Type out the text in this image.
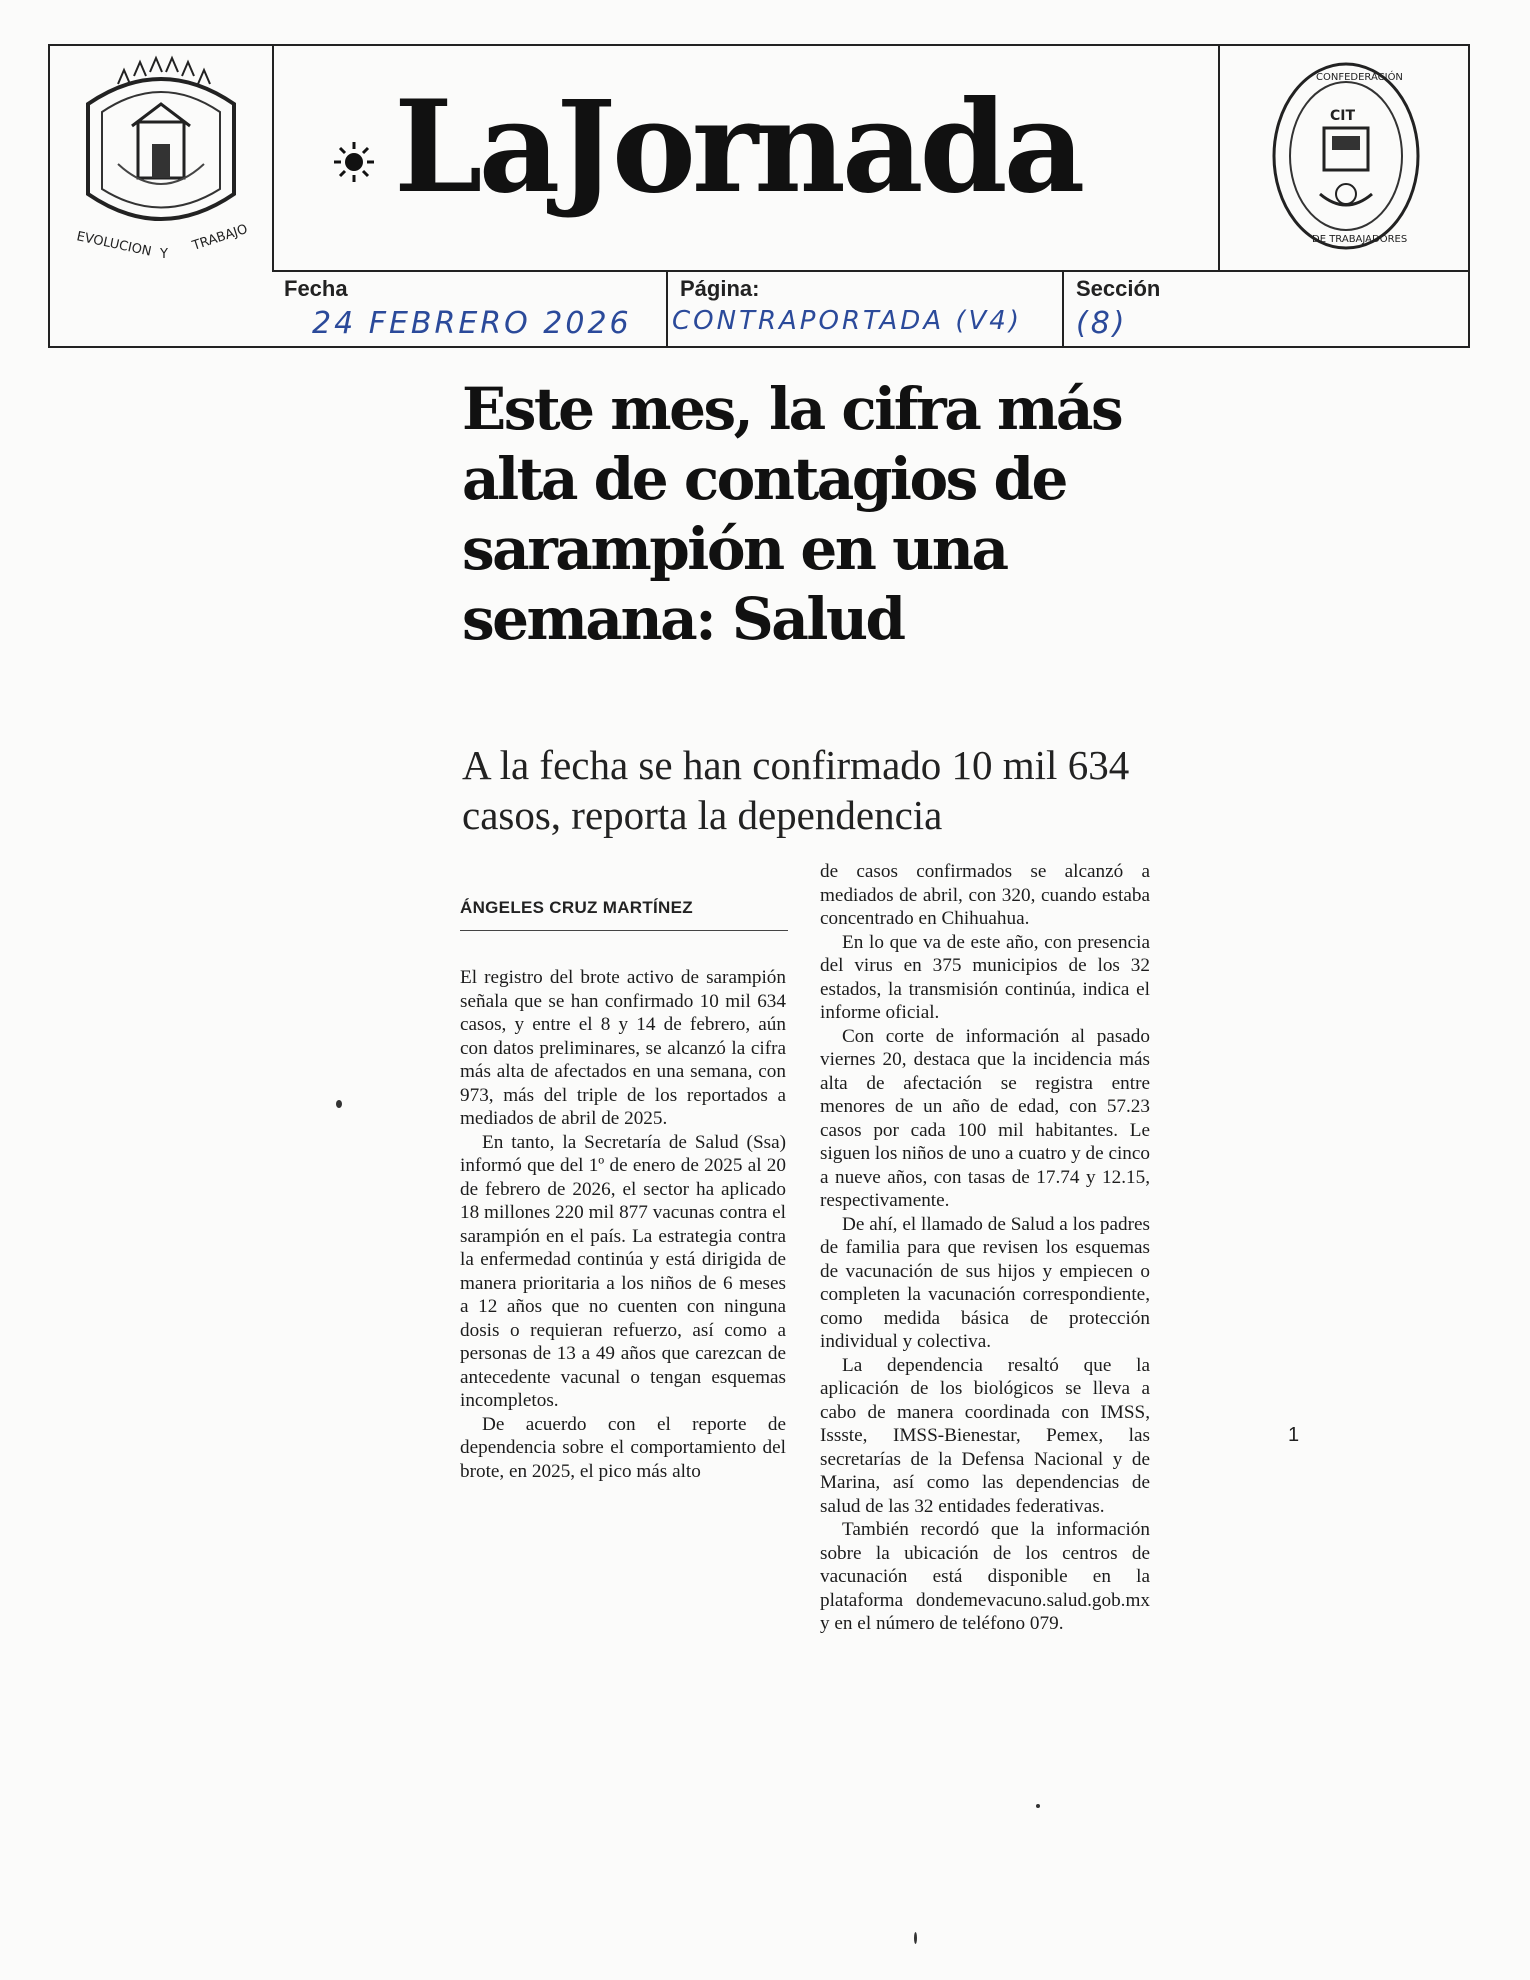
EVOLUCION Y
TRABAJO
LaJornada	CIT
CONFEDERACIÓN
DE TRABAJADORES
Fecha
24 FEBRERO 2026
Página:
CONTRAPORTADA (V4)
Sección
(8)
Este mes, la cifra más alta de contagios de sarampión en una semana: Salud
A la fecha se han confirmado 10 mil 634 casos, reporta la dependencia
ÁNGELES CRUZ MARTÍNEZ

El registro del brote activo de sarampión señala que se han confirmado 10 mil 634 casos, y entre el 8 y 14 de febrero, aún con datos preliminares, se alcanzó la cifra más alta de afectados en una semana, con 973, más del triple de los reportados a mediados de abril de 2025.

En tanto, la Secretaría de Salud (Ssa) informó que del 1º de enero de 2025 al 20 de febrero de 2026, el sector ha aplicado 18 millones 220 mil 877 vacunas contra el sarampión en el país. La estrategia contra la enfermedad continúa y está dirigida de manera prioritaria a los niños de 6 meses a 12 años que no cuenten con ninguna dosis o requieran refuerzo, así como a personas de 13 a 49 años que carezcan de antecedente vacunal o tengan esquemas incompletos.

De acuerdo con el reporte de dependencia sobre el comportamiento del brote, en 2025, el pico más alto

de casos confirmados se alcanzó a mediados de abril, con 320, cuando estaba concentrado en Chihuahua.

En lo que va de este año, con presencia del virus en 375 municipios de los 32 estados, la transmisión continúa, indica el informe oficial.

Con corte de información al pasado viernes 20, destaca que la incidencia más alta de afectación se registra entre menores de un año de edad, con 57.23 casos por cada 100 mil habitantes. Le siguen los niños de uno a cuatro y de cinco a nueve años, con tasas de 17.74 y 12.15, respectivamente.

De ahí, el llamado de Salud a los padres de familia para que revisen los esquemas de vacunación de sus hijos y empiecen o completen la vacunación correspondiente, como medida básica de protección individual y colectiva.

La dependencia resaltó que la aplicación de los biológicos se lleva a cabo de manera coordinada con IMSS, Issste, IMSS-Bienestar, Pemex, las secretarías de la Defensa Nacional y de Marina, así como las dependencias de salud de las 32 entidades federativas.

También recordó que la información sobre la ubicación de los centros de vacunación está disponible en la plataforma dondemevacuno.salud.gob.mx y en el número de teléfono 079.

1
